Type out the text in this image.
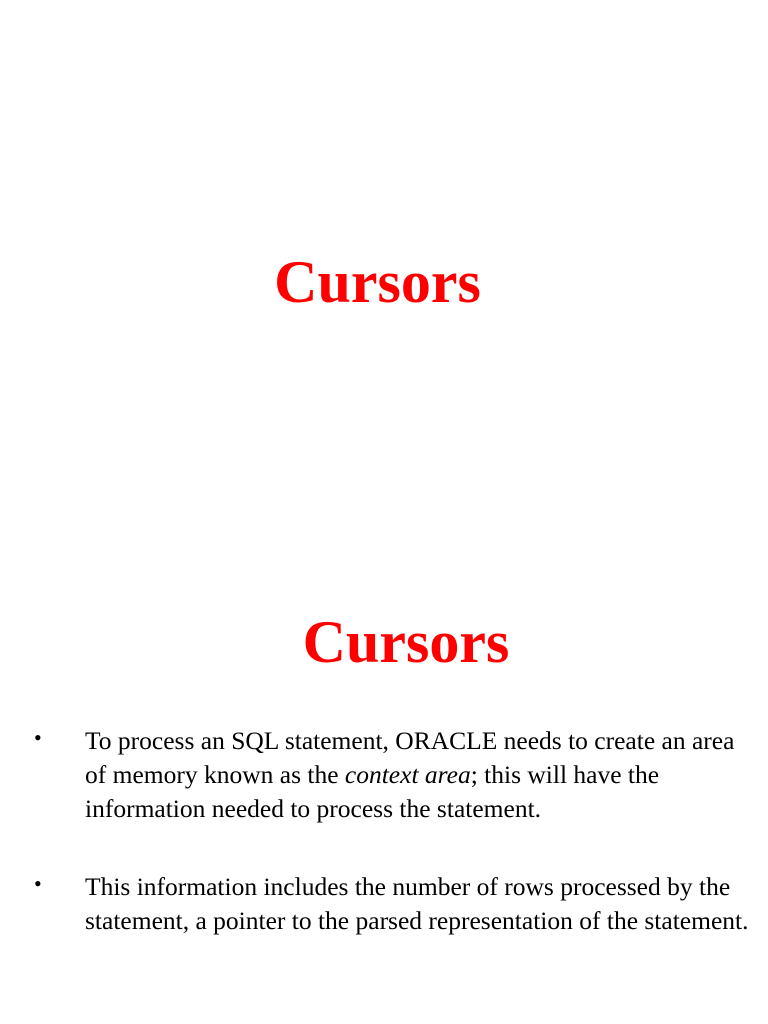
Cursors
Cursors
• To process an SQL statement, ORACLE needs to create an area of memory known as the context area; this will have the information needed to process the statement.
• This information includes the number of rows processed by the statement, a pointer to the parsed representation of the statement.
